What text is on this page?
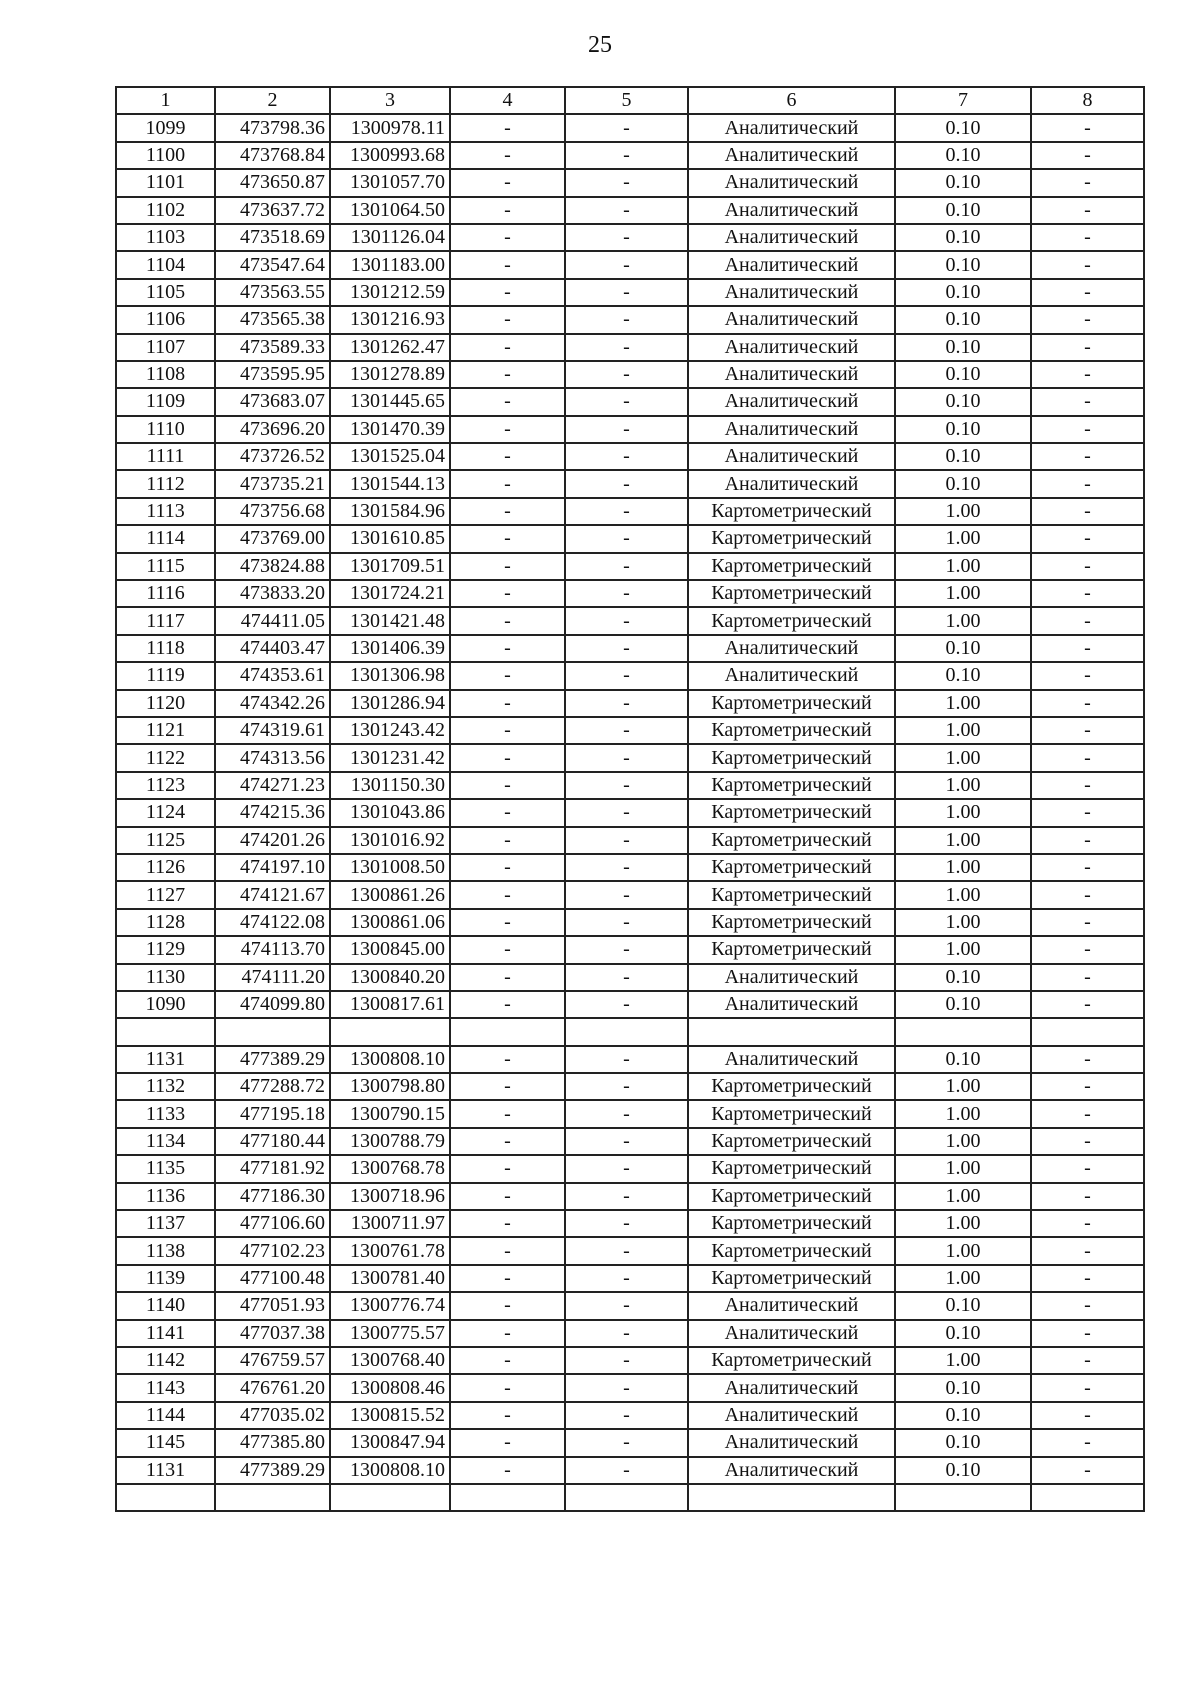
25
1	2	3	4	5	6	7	8
1099	473798.36	1300978.11	-	-	Аналитический	0.10	-
1100	473768.84	1300993.68	-	-	Аналитический	0.10	-
1101	473650.87	1301057.70	-	-	Аналитический	0.10	-
1102	473637.72	1301064.50	-	-	Аналитический	0.10	-
1103	473518.69	1301126.04	-	-	Аналитический	0.10	-
1104	473547.64	1301183.00	-	-	Аналитический	0.10	-
1105	473563.55	1301212.59	-	-	Аналитический	0.10	-
1106	473565.38	1301216.93	-	-	Аналитический	0.10	-
1107	473589.33	1301262.47	-	-	Аналитический	0.10	-
1108	473595.95	1301278.89	-	-	Аналитический	0.10	-
1109	473683.07	1301445.65	-	-	Аналитический	0.10	-
1110	473696.20	1301470.39	-	-	Аналитический	0.10	-
1111	473726.52	1301525.04	-	-	Аналитический	0.10	-
1112	473735.21	1301544.13	-	-	Аналитический	0.10	-
1113	473756.68	1301584.96	-	-	Картометрический	1.00	-
1114	473769.00	1301610.85	-	-	Картометрический	1.00	-
1115	473824.88	1301709.51	-	-	Картометрический	1.00	-
1116	473833.20	1301724.21	-	-	Картометрический	1.00	-
1117	474411.05	1301421.48	-	-	Картометрический	1.00	-
1118	474403.47	1301406.39	-	-	Аналитический	0.10	-
1119	474353.61	1301306.98	-	-	Аналитический	0.10	-
1120	474342.26	1301286.94	-	-	Картометрический	1.00	-
1121	474319.61	1301243.42	-	-	Картометрический	1.00	-
1122	474313.56	1301231.42	-	-	Картометрический	1.00	-
1123	474271.23	1301150.30	-	-	Картометрический	1.00	-
1124	474215.36	1301043.86	-	-	Картометрический	1.00	-
1125	474201.26	1301016.92	-	-	Картометрический	1.00	-
1126	474197.10	1301008.50	-	-	Картометрический	1.00	-
1127	474121.67	1300861.26	-	-	Картометрический	1.00	-
1128	474122.08	1300861.06	-	-	Картометрический	1.00	-
1129	474113.70	1300845.00	-	-	Картометрический	1.00	-
1130	474111.20	1300840.20	-	-	Аналитический	0.10	-
1090	474099.80	1300817.61	-	-	Аналитический	0.10	-

1131	477389.29	1300808.10	-	-	Аналитический	0.10	-
1132	477288.72	1300798.80	-	-	Картометрический	1.00	-
1133	477195.18	1300790.15	-	-	Картометрический	1.00	-
1134	477180.44	1300788.79	-	-	Картометрический	1.00	-
1135	477181.92	1300768.78	-	-	Картометрический	1.00	-
1136	477186.30	1300718.96	-	-	Картометрический	1.00	-
1137	477106.60	1300711.97	-	-	Картометрический	1.00	-
1138	477102.23	1300761.78	-	-	Картометрический	1.00	-
1139	477100.48	1300781.40	-	-	Картометрический	1.00	-
1140	477051.93	1300776.74	-	-	Аналитический	0.10	-
1141	477037.38	1300775.57	-	-	Аналитический	0.10	-
1142	476759.57	1300768.40	-	-	Картометрический	1.00	-
1143	476761.20	1300808.46	-	-	Аналитический	0.10	-
1144	477035.02	1300815.52	-	-	Аналитический	0.10	-
1145	477385.80	1300847.94	-	-	Аналитический	0.10	-
1131	477389.29	1300808.10	-	-	Аналитический	0.10	-
